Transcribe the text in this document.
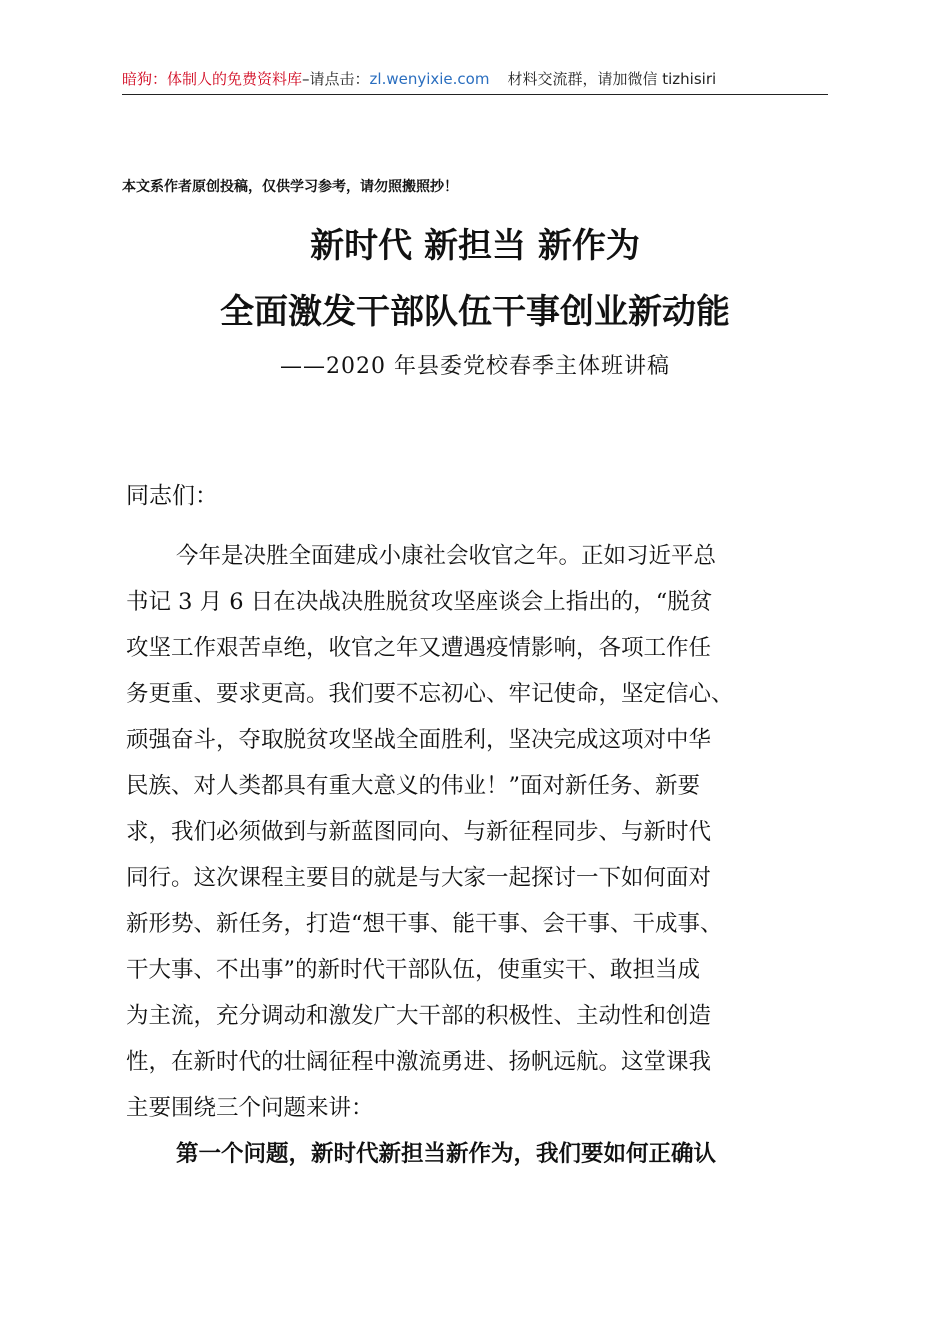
暗狗：体制人的免费资料库–请点击：zl.wenyixie.com 材料交流群，请加微信 tizhisiri
本文系作者原创投稿，仅供学习参考，请勿照搬照抄！
新时代 新担当 新作为
全面激发干部队伍干事创业新动能
——2020 年县委党校春季主体班讲稿
同志们：
今年是决胜全面建成小康社会收官之年。正如习近平总
书记 3 月 6 日在决战决胜脱贫攻坚座谈会上指出的，“脱贫
攻坚工作艰苦卓绝，收官之年又遭遇疫情影响，各项工作任
务更重、要求更高。我们要不忘初心、牢记使命，坚定信心、
顽强奋斗，夺取脱贫攻坚战全面胜利，坚决完成这项对中华
民族、对人类都具有重大意义的伟业！”面对新任务、新要
求，我们必须做到与新蓝图同向、与新征程同步、与新时代
同行。这次课程主要目的就是与大家一起探讨一下如何面对
新形势、新任务，打造“想干事、能干事、会干事、干成事、
干大事、不出事”的新时代干部队伍，使重实干、敢担当成
为主流，充分调动和激发广大干部的积极性、主动性和创造
性，在新时代的壮阔征程中激流勇进、扬帆远航。这堂课我
主要围绕三个问题来讲：
第一个问题，新时代新担当新作为，我们要如何正确认
